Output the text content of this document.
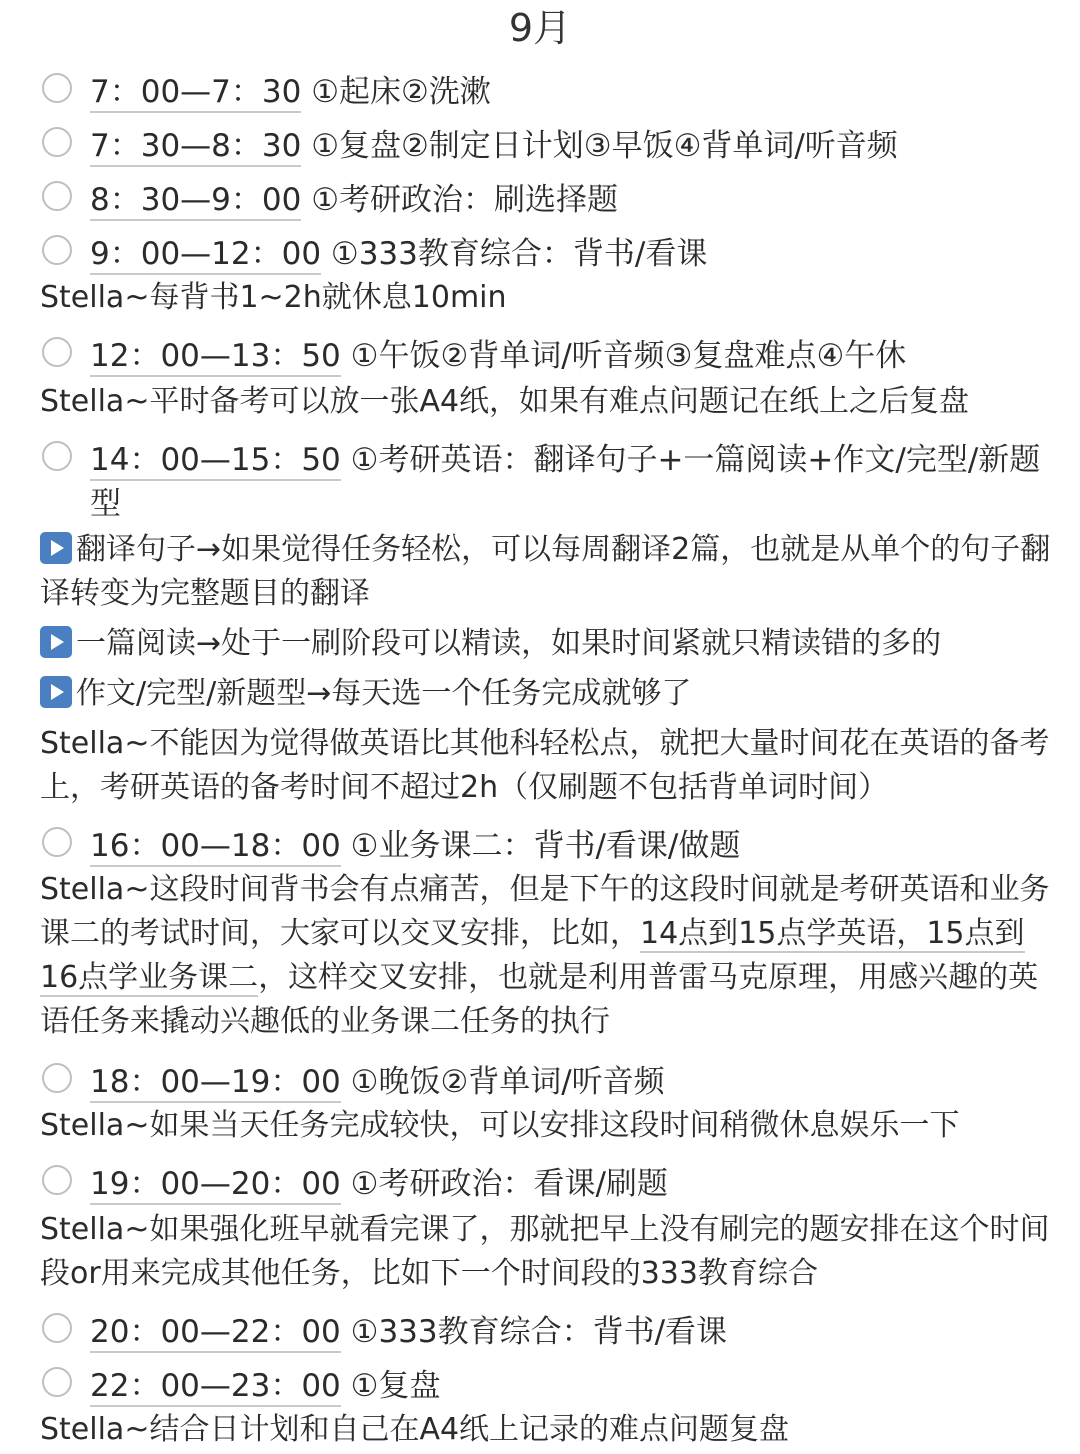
9月
7：00—7：30 ①起床②洗漱
7：30—8：30 ①复盘②制定日计划③早饭④背单词/听音频
8：30—9：00 ①考研政治：刷选择题
9：00—12：00 ①333教育综合：背书/看课
Stella~每背书1~2h就休息10min
12：00—13：50 ①午饭②背单词/听音频③复盘难点④午休
Stella~平时备考可以放一张A4纸，如果有难点问题记在纸上之后复盘
14：00—15：50 ①考研英语：翻译句子+一篇阅读+作文/完型/新题型
翻译句子→如果觉得任务轻松，可以每周翻译2篇，也就是从单个的句子翻译转变为完整题目的翻译
一篇阅读→处于一刷阶段可以精读，如果时间紧就只精读错的多的
作文/完型/新题型→每天选一个任务完成就够了
Stella~不能因为觉得做英语比其他科轻松点，就把大量时间花在英语的备考上，考研英语的备考时间不超过2h（仅刷题不包括背单词时间）
16：00—18：00 ①业务课二：背书/看课/做题
Stella~这段时间背书会有点痛苦，但是下午的这段时间就是考研英语和业务课二的考试时间，大家可以交叉安排，比如，14点到15点学英语，15点到16点学业务课二，这样交叉安排，也就是利用普雷马克原理，用感兴趣的英语任务来撬动兴趣低的业务课二任务的执行
18：00—19：00 ①晚饭②背单词/听音频
Stella~如果当天任务完成较快，可以安排这段时间稍微休息娱乐一下
19：00—20：00 ①考研政治：看课/刷题
Stella~如果强化班早就看完课了，那就把早上没有刷完的题安排在这个时间段or用来完成其他任务，比如下一个时间段的333教育综合
20：00—22：00 ①333教育综合：背书/看课
22：00—23：00 ①复盘
Stella~结合日计划和自己在A4纸上记录的难点问题复盘
